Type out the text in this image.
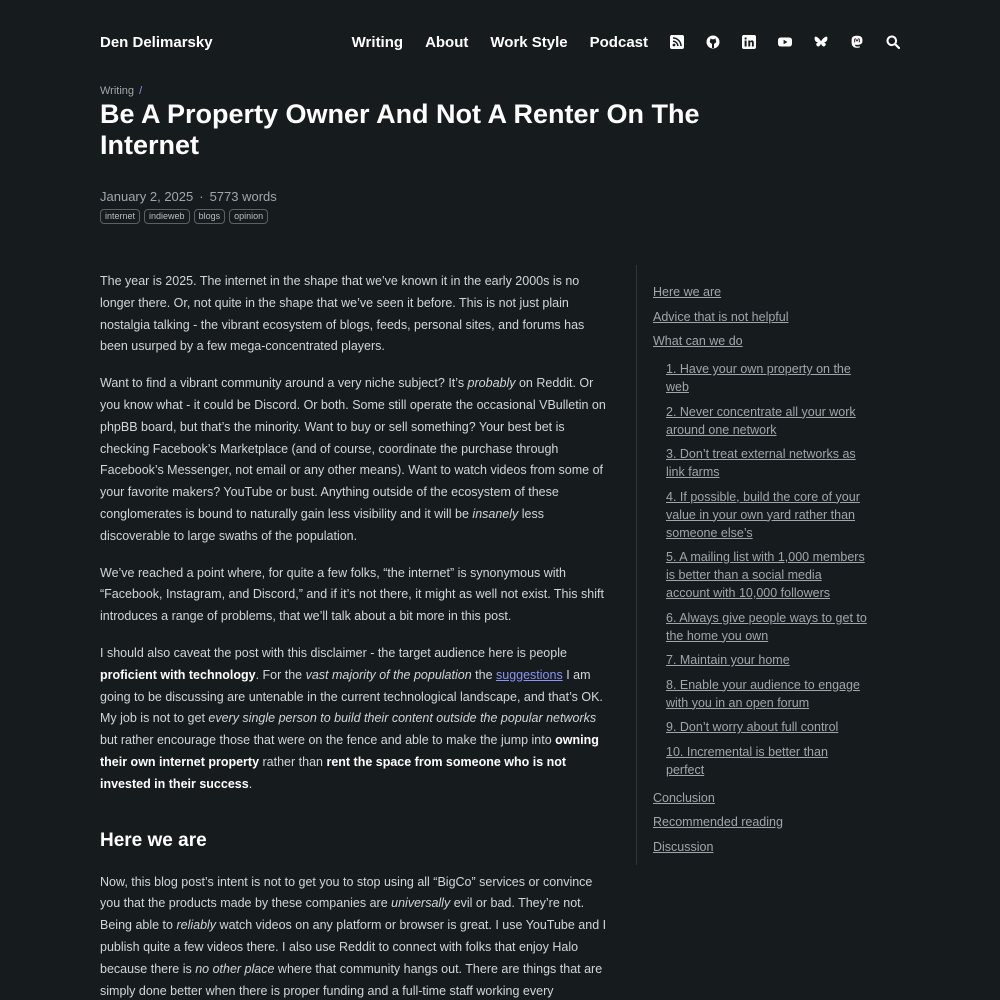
Den Delimarsky	Writing About Work Style Podcast
Writing /
Be A Property Owner And Not A Renter On The Internet
January 2, 2025 · 5773 words
internet	indieweb	blogs	opinion

The year is 2025. The internet in the shape that we’ve known it in the early 2000s is no longer there. Or, not quite in the shape that we’ve seen it before. This is not just plain nostalgia talking - the vibrant ecosystem of blogs, feeds, personal sites, and forums has been usurped by a few mega-concentrated players.

Want to find a vibrant community around a very niche subject? It’s probably on Reddit. Or you know what - it could be Discord. Or both. Some still operate the occasional VBulletin on phpBB board, but that’s the minority. Want to buy or sell something? Your best bet is checking Facebook’s Marketplace (and of course, coordinate the purchase through Facebook’s Messenger, not email or any other means). Want to watch videos from some of your favorite makers? YouTube or bust. Anything outside of the ecosystem of these conglomerates is bound to naturally gain less visibility and it will be insanely less discoverable to large swaths of the population.

We’ve reached a point where, for quite a few folks, “the internet” is synonymous with “Facebook, Instagram, and Discord,” and if it’s not there, it might as well not exist. This shift introduces a range of problems, that we’ll talk about a bit more in this post.

I should also caveat the post with this disclaimer - the target audience here is people proficient with technology. For the vast majority of the population the suggestions I am going to be discussing are untenable in the current technological landscape, and that’s OK. My job is not to get every single person to build their content outside the popular networks but rather encourage those that were on the fence and able to make the jump into owning their own internet property rather than rent the space from someone who is not invested in their success.

Here we are

Now, this blog post’s intent is not to get you to stop using all “BigCo” services or convince you that the products made by these companies are universally evil or bad. They’re not. Being able to reliably watch videos on any platform or browser is great. I use YouTube and I publish quite a few videos there. I also use Reddit to connect with folks that enjoy Halo because there is no other place where that community hangs out. There are things that are simply done better when there is proper funding and a full-time staff working every

Here we are
Advice that is not helpful
What can we do
1. Have your own property on the web
2. Never concentrate all your work around one network
3. Don’t treat external networks as link farms
4. If possible, build the core of your value in your own yard rather than someone else’s
5. A mailing list with 1,000 members is better than a social media account with 10,000 followers
6. Always give people ways to get to the home you own
7. Maintain your home
8. Enable your audience to engage with you in an open forum
9. Don’t worry about full control
10. Incremental is better than perfect
Conclusion
Recommended reading
Discussion
